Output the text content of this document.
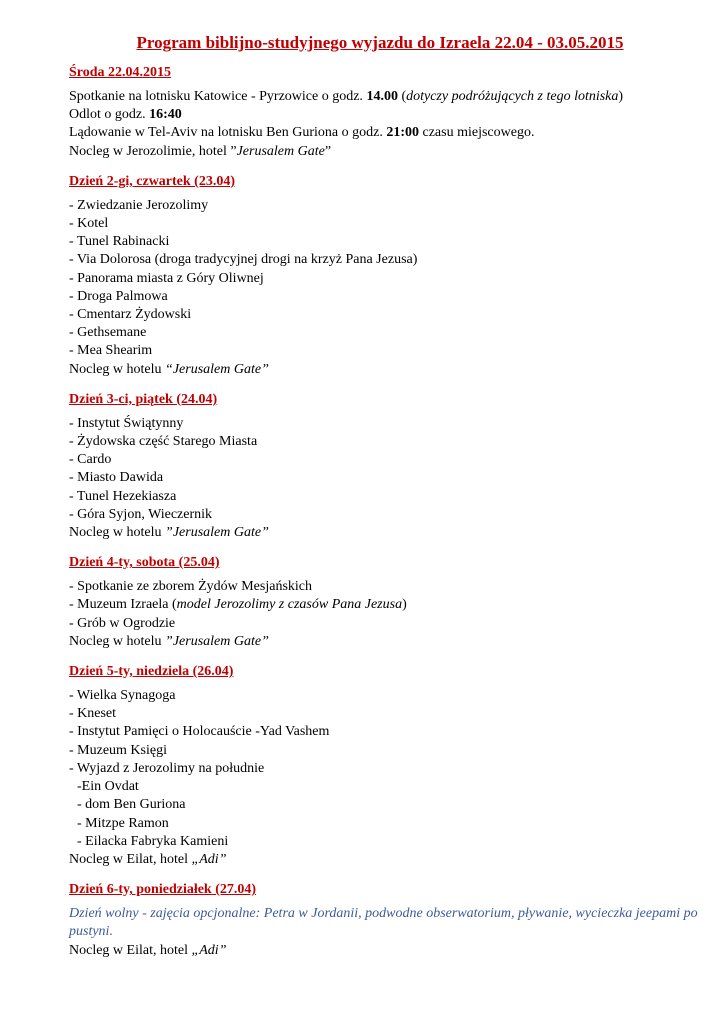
Program biblijno-studyjnego wyjazdu do Izraela 22.04 - 03.05.2015
Środa 22.04.2015
Spotkanie na lotnisku Katowice - Pyrzowice o godz. 14.00 (dotyczy podróżujących z tego lotniska)
Odlot o godz. 16:40
Lądowanie w Tel-Aviv na lotnisku Ben Guriona o godz. 21:00 czasu miejscowego.
Nocleg w Jerozolimie, hotel ”Jerusalem Gate”
Dzień 2-gi, czwartek (23.04)
- Zwiedzanie Jerozolimy
- Kotel
- Tunel Rabinacki
- Via Dolorosa (droga tradycyjnej drogi na krzyż Pana Jezusa)
- Panorama miasta z Góry Oliwnej
- Droga Palmowa
- Cmentarz Żydowski
- Gethsemane
- Mea Shearim
Nocleg w hotelu “Jerusalem Gate”
Dzień 3-ci, piątek (24.04)
- Instytut Świątynny
- Żydowska część Starego Miasta
- Cardo
- Miasto Dawida
- Tunel Hezekiasza
- Góra Syjon, Wieczernik
Nocleg w hotelu ”Jerusalem Gate”
Dzień 4-ty, sobota (25.04)
- Spotkanie ze zborem Żydów Mesjańskich
- Muzeum Izraela (model Jerozolimy z czasów Pana Jezusa)
- Grób w Ogrodzie
Nocleg w hotelu ”Jerusalem Gate”
Dzień 5-ty, niedziela (26.04)
- Wielka Synagoga
- Kneset
- Instytut Pamięci o Holocauście -Yad Vashem
- Muzeum Księgi
- Wyjazd z Jerozolimy na południe
-Ein Ovdat
- dom Ben Guriona
- Mitzpe Ramon
- Eilacka Fabryka Kamieni
Nocleg w Eilat, hotel „Adi”
Dzień 6-ty, poniedziałek (27.04)
Dzień wolny - zajęcia opcjonalne: Petra w Jordanii, podwodne obserwatorium, pływanie, wycieczka jeepami po pustyni.
Nocleg w Eilat, hotel „Adi”
